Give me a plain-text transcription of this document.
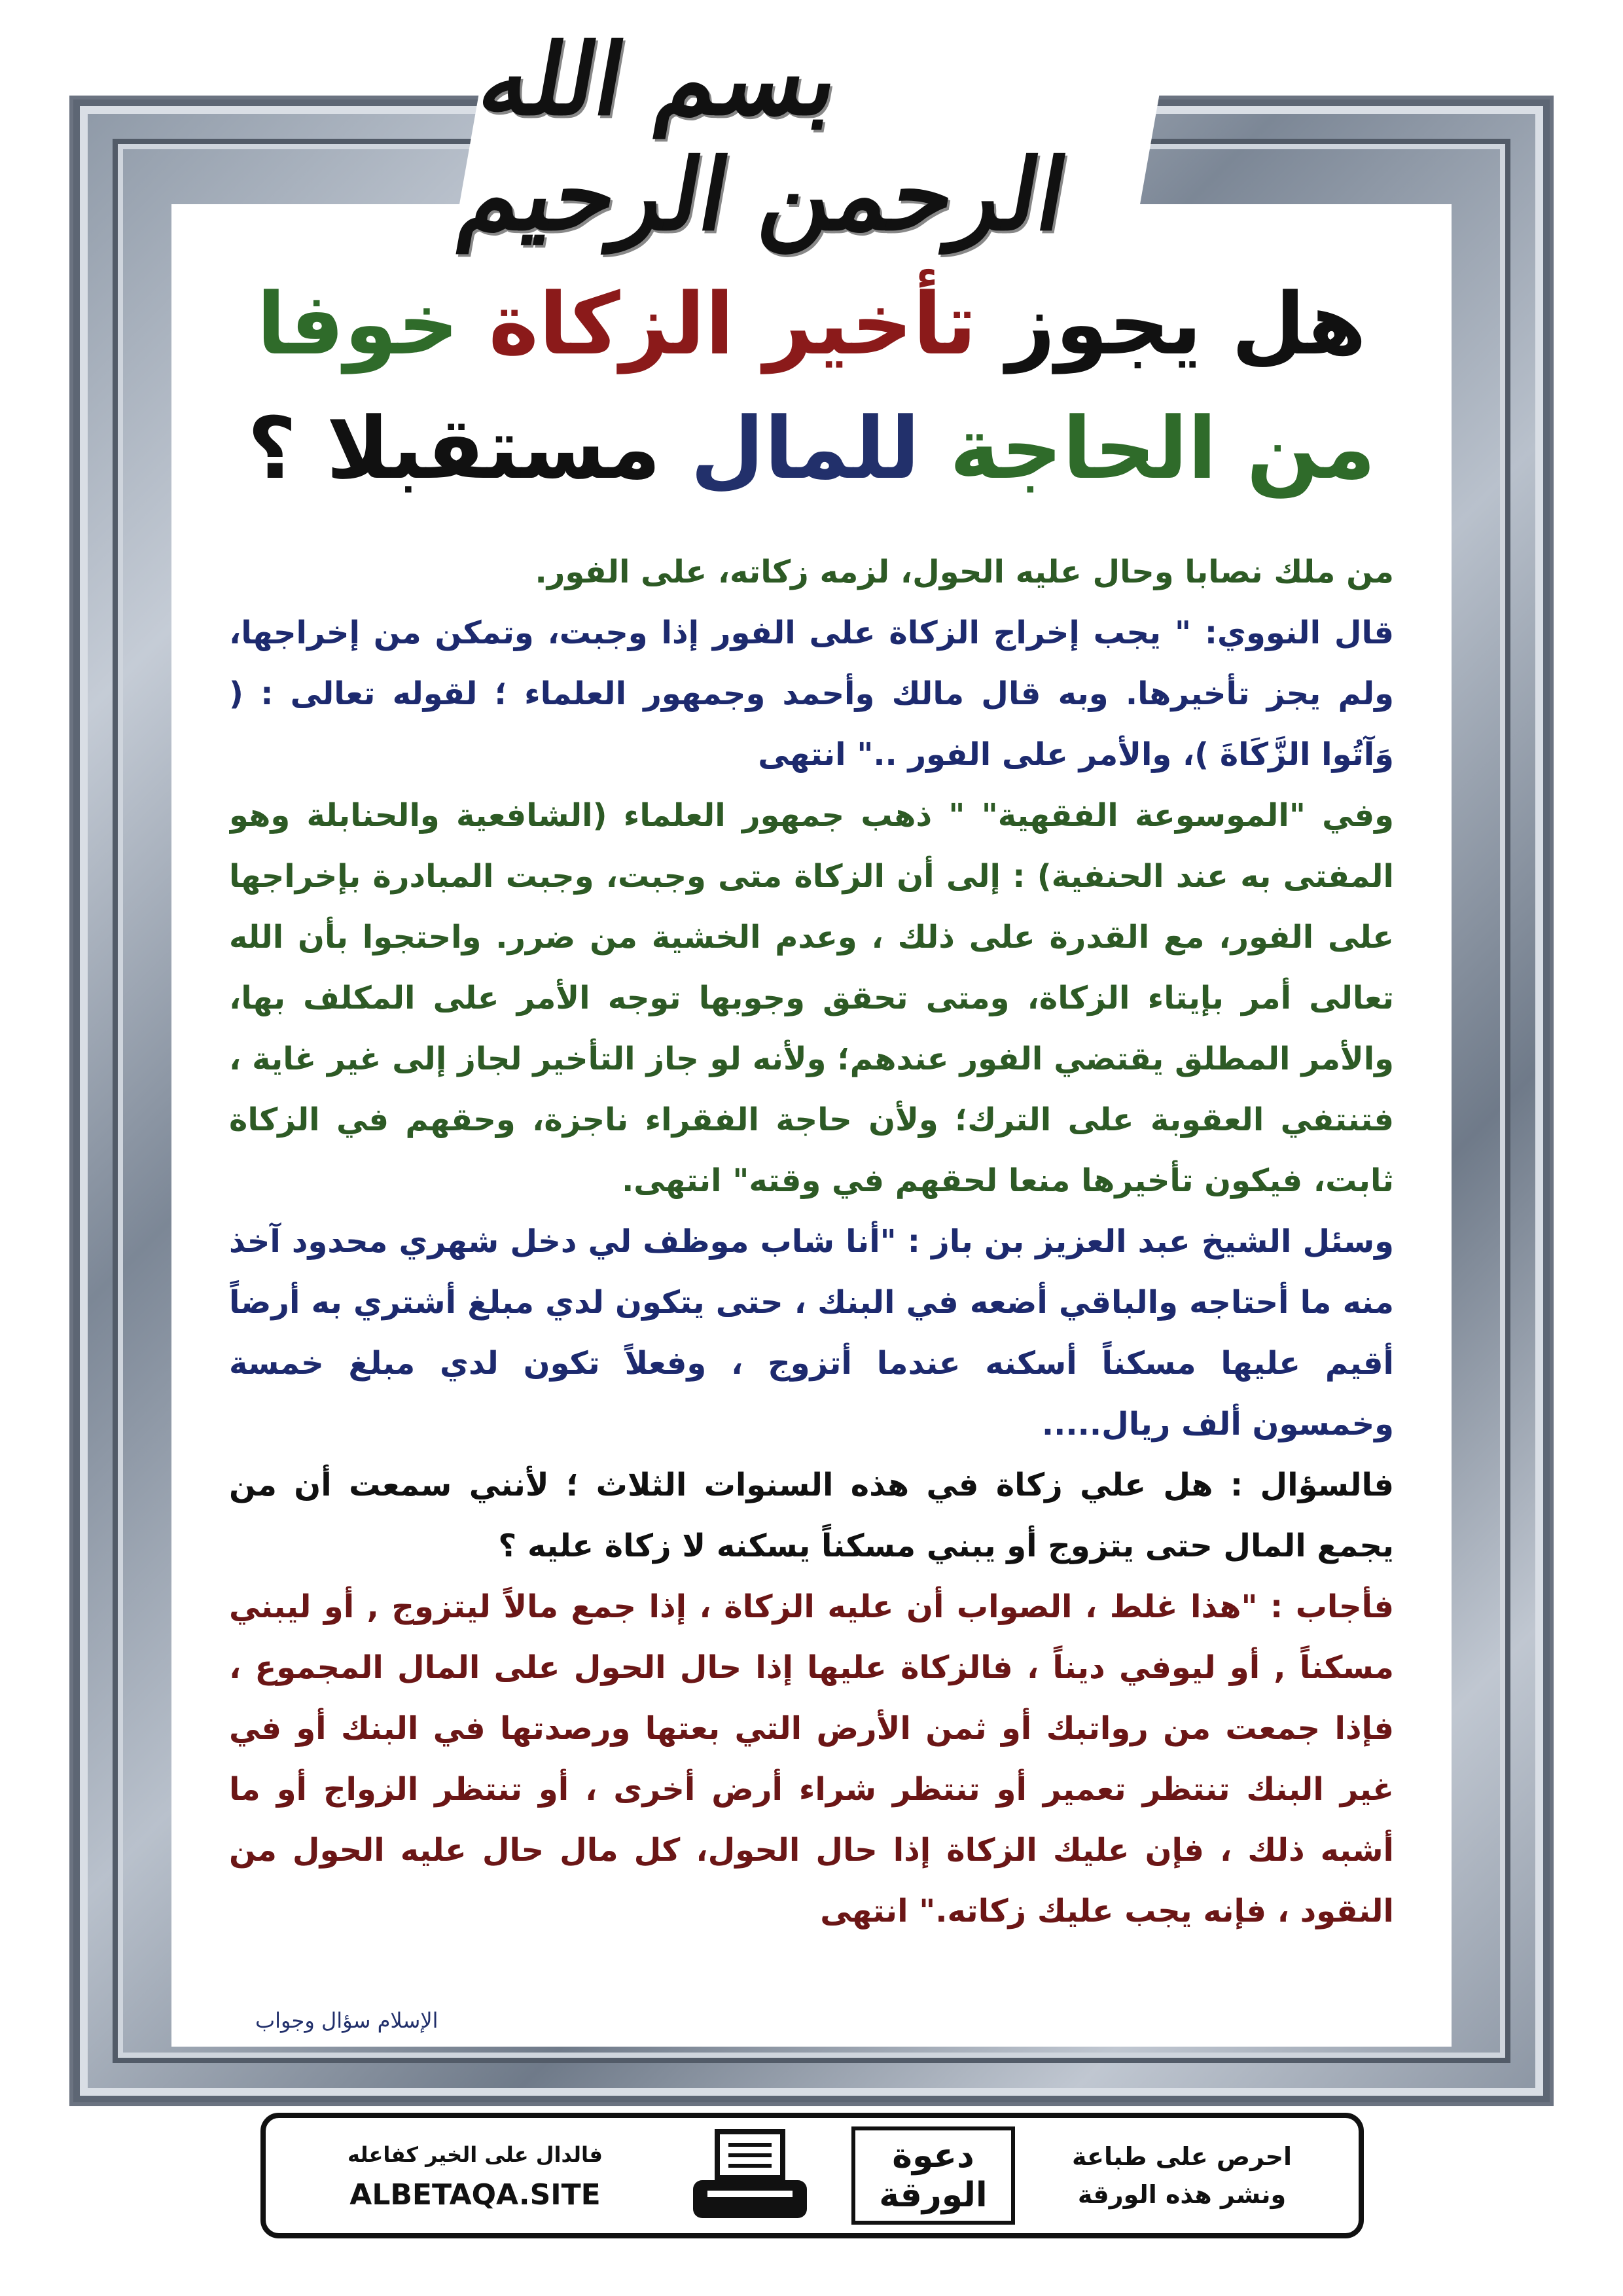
بسم الله الرحمن الرحيم
هل يجوز تأخير الزكاة خوفا
من الحاجة للمال مستقبلا ؟

من ملك نصابا وحال عليه الحول، لزمه زكاته، على الفور.

قال النووي: " يجب إخراج الزكاة على الفور إذا وجبت، وتمكن من إخراجها، ولم يجز تأخيرها. وبه قال مالك وأحمد وجمهور العلماء ؛ لقوله تعالى : ( وَآتُوا الزَّكَاةَ )، والأمر على الفور .." انتهى

وفي "الموسوعة الفقهية" " ذهب جمهور العلماء (الشافعية والحنابلة وهو المفتى به عند الحنفية) : إلى أن الزكاة متى وجبت، وجبت المبادرة بإخراجها على الفور، مع القدرة على ذلك ، وعدم الخشية من ضرر. واحتجوا بأن الله تعالى أمر بإيتاء الزكاة، ومتى تحقق وجوبها توجه الأمر على المكلف بها، والأمر المطلق يقتضي الفور عندهم؛ ولأنه لو جاز التأخير لجاز إلى غير غاية ، فتنتفي العقوبة على الترك؛ ولأن حاجة الفقراء ناجزة، وحقهم في الزكاة ثابت، فيكون تأخيرها منعا لحقهم في وقته" انتهى.

وسئل الشيخ عبد العزيز بن باز : "أنا شاب موظف لي دخل شهري محدود آخذ منه ما أحتاجه والباقي أضعه في البنك ، حتى يتكون لدي مبلغ أشتري به أرضاً أقيم عليها مسكناً أسكنه عندما أتزوج ، وفعلاً تكون لدي مبلغ خمسة وخمسون ألف ريال.....

فالسؤال : هل علي زكاة في هذه السنوات الثلاث ؛ لأنني سمعت أن من يجمع المال حتى يتزوج أو يبني مسكناً يسكنه لا زكاة عليه ؟

فأجاب : "هذا غلط ، الصواب أن عليه الزكاة ، إذا جمع مالاً ليتزوج , أو ليبني مسكناً , أو ليوفي ديناً ، فالزكاة عليها إذا حال الحول على المال المجموع ، فإذا جمعت من رواتبك أو ثمن الأرض التي بعتها ورصدتها في البنك أو في غير البنك تنتظر تعمير أو تنتظر شراء أرض أخرى ، أو تنتظر الزواج أو ما أشبه ذلك ، فإن عليك الزكاة إذا حال الحول، كل مال حال عليه الحول من النقود ، فإنه يجب عليك زكاته." انتهى

الإسلام سؤال وجواب
احرص على طباعة
ونشر هذه الورقة
دعوة
الورقة
فالدال على الخير كفاعله
ALBETAQA.SITE
